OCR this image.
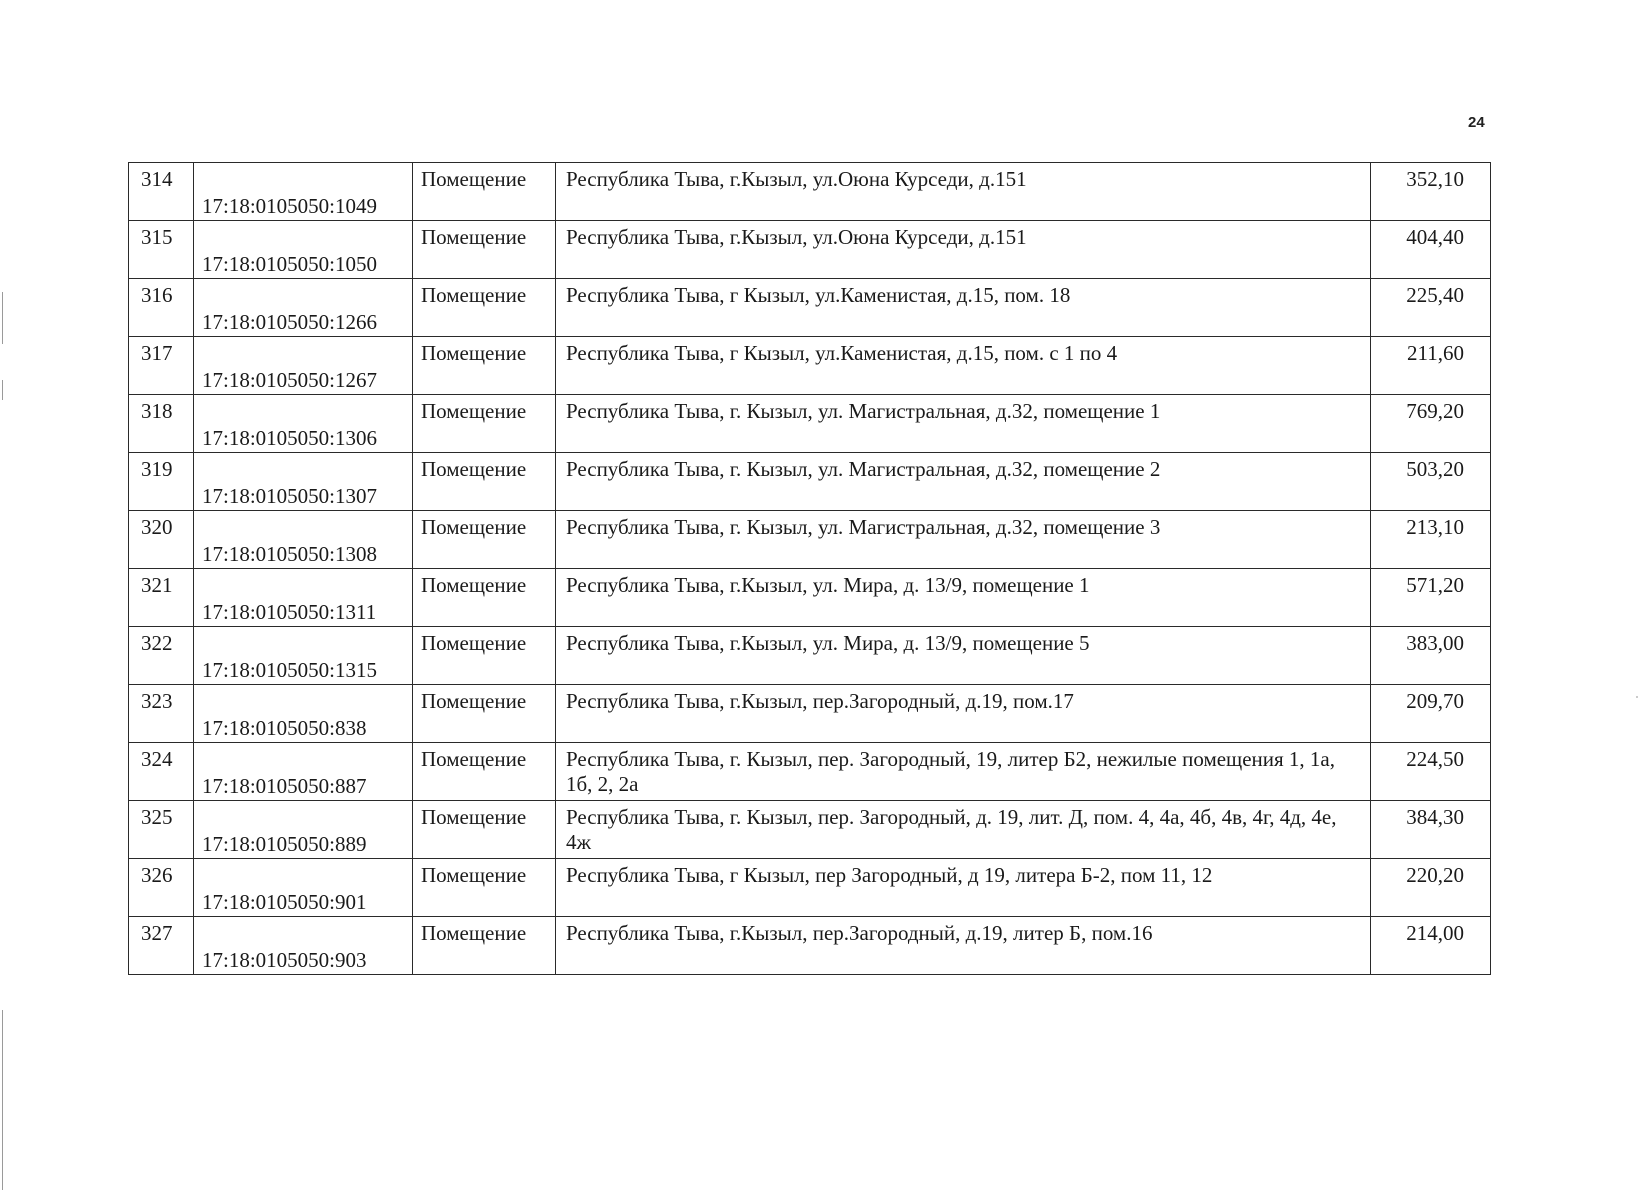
24
314	17:18:0105050:1049	Помещение	Республика Тыва, г.Кызыл, ул.Оюна Курседи, д.151	352,10
315	17:18:0105050:1050	Помещение	Республика Тыва, г.Кызыл, ул.Оюна Курседи, д.151	404,40
316	17:18:0105050:1266	Помещение	Республика Тыва, г Кызыл, ул.Каменистая, д.15, пом. 18	225,40
317	17:18:0105050:1267	Помещение	Республика Тыва, г Кызыл, ул.Каменистая, д.15, пом. с 1 по 4	211,60
318	17:18:0105050:1306	Помещение	Республика Тыва, г. Кызыл, ул. Магистральная, д.32, помещение 1	769,20
319	17:18:0105050:1307	Помещение	Республика Тыва, г. Кызыл, ул. Магистральная, д.32, помещение 2	503,20
320	17:18:0105050:1308	Помещение	Республика Тыва, г. Кызыл, ул. Магистральная, д.32, помещение 3	213,10
321	17:18:0105050:1311	Помещение	Республика Тыва, г.Кызыл, ул. Мира, д. 13/9, помещение 1	571,20
322	17:18:0105050:1315	Помещение	Республика Тыва, г.Кызыл, ул. Мира, д. 13/9, помещение 5	383,00
323	17:18:0105050:838	Помещение	Республика Тыва, г.Кызыл, пер.Загородный, д.19, пом.17	209,70
324	17:18:0105050:887	Помещение	Республика Тыва, г. Кызыл, пер. Загородный, 19, литер Б2, нежилые помещения 1, 1а, 1б, 2, 2а	224,50
325	17:18:0105050:889	Помещение	Республика Тыва, г. Кызыл, пер. Загородный, д. 19, лит. Д, пом. 4, 4а, 4б, 4в, 4г, 4д, 4е, 4ж	384,30
326	17:18:0105050:901	Помещение	Республика Тыва, г Кызыл, пер Загородный, д 19, литера Б-2, пом 11, 12	220,20
327	17:18:0105050:903	Помещение	Республика Тыва, г.Кызыл, пер.Загородный, д.19, литер Б, пом.16	214,00
